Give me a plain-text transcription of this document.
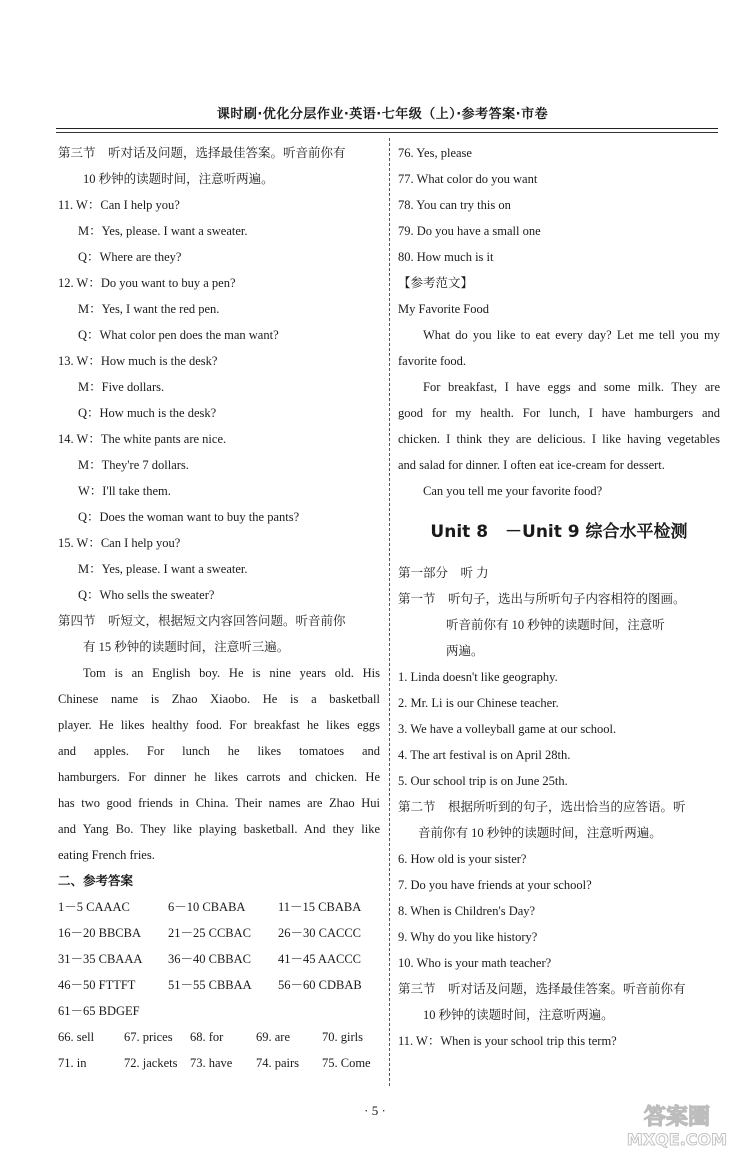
课时刷·优化分层作业·英语·七年级（上）·参考答案·市卷
第三节　听对话及问题，选择最佳答案。听音前你有
10 秒钟的读题时间，注意听两遍。
11. W：Can I help you?
M：Yes, please. I want a sweater.
Q：Where are they?
12. W：Do you want to buy a pen?
M：Yes, I want the red pen.
Q：What color pen does the man want?
13. W：How much is the desk?
M：Five dollars.
Q：How much is the desk?
14. W：The white pants are nice.
M：They're 7 dollars.
W：I'll take them.
Q：Does the woman want to buy the pants?
15. W：Can I help you?
M：Yes, please. I want a sweater.
Q：Who sells the sweater?
第四节　听短文，根据短文内容回答问题。听音前你
有 15 秒钟的读题时间，注意听三遍。
Tom is an English boy. He is nine years old. His
Chinese name is Zhao Xiaobo. He is a basketball
player. He likes healthy food. For breakfast he likes eggs
and apples. For lunch he likes tomatoes and
hamburgers. For dinner he likes carrots and chicken. He
has two good friends in China. Their names are Zhao Hui
and Yang Bo. They like playing basketball. And they like
eating French fries.
二、参考答案
1－5 CAAAC	6－10 CBABA	11－15 CBABA
16－20 BBCBA	21－25 CCBAC	26－30 CACCC
31－35 CBAAA	36－40 CBBAC	41－45 AACCC
46－50 FTTFT	51－55 CBBAA	56－60 CDBAB
61－65 BDGEF
66. sell	67. prices	68. for	69. are	70. girls
71. in	72. jackets	73. have	74. pairs	75. Come
76. Yes, please
77. What color do you want
78. You can try this on
79. Do you have a small one
80. How much is it
【参考范文】
My Favorite Food
What do you like to eat every day? Let me tell you my
favorite food.
For breakfast, I have eggs and some milk. They are
good for my health. For lunch, I have hamburgers and
chicken. I think they are delicious. I like having vegetables
and salad for dinner. I often eat ice-cream for dessert.
Can you tell me your favorite food?
Unit 8　－Unit 9 综合水平检测
第一部分　听 力
第一节　听句子，选出与所听句子内容相符的图画。
听音前你有 10 秒钟的读题时间，注意听
两遍。
1. Linda doesn't like geography.
2. Mr. Li is our Chinese teacher.
3. We have a volleyball game at our school.
4. The art festival is on April 28th.
5. Our school trip is on June 25th.
第二节　根据所听到的句子，选出恰当的应答语。听
音前你有 10 秒钟的读题时间，注意听两遍。
6. How old is your sister?
7. Do you have friends at your school?
8. When is Children's Day?
9. Why do you like history?
10. Who is your math teacher?
第三节　听对话及问题，选择最佳答案。听音前你有
10 秒钟的读题时间，注意听两遍。
11. W：When is your school trip this term?
· 5 ·	答案圈
MXQE.COM
